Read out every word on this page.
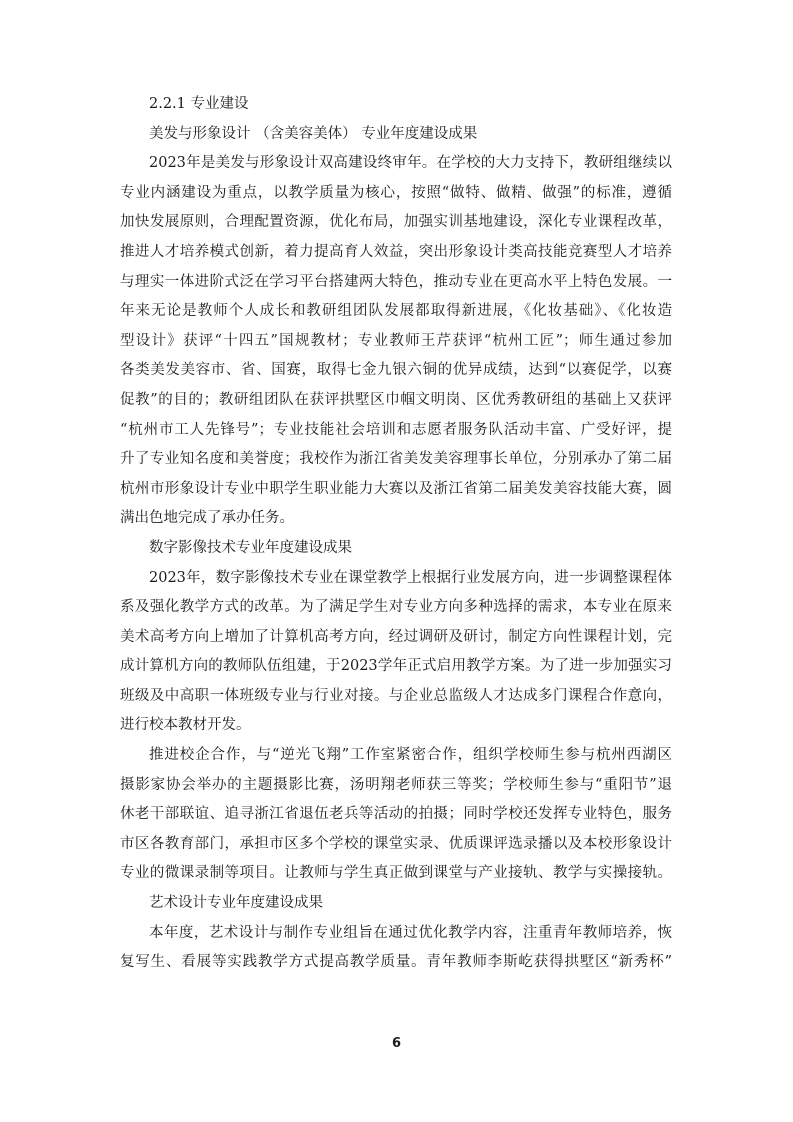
2.2.1 专业建设
美发与形象设计 （含美容美体） 专业年度建设成果
2023年是美发与形象设计双高建设终审年。在学校的大力支持下，教研组继续以
专业内涵建设为重点，以教学质量为核心，按照“做特、做精、做强”的标准，遵循
加快发展原则，合理配置资源，优化布局，加强实训基地建设，深化专业课程改革，
推进人才培养模式创新，着力提高育人效益，突出形象设计类高技能竞赛型人才培养
与理实一体进阶式泛在学习平台搭建两大特色，推动专业在更高水平上特色发展。一
年来无论是教师个人成长和教研组团队发展都取得新进展，《化妆基础》、《化妆造
型设计》获评“十四五”国规教材；专业教师王芹获评“杭州工匠”；师生通过参加
各类美发美容市、省、国赛，取得七金九银六铜的优异成绩，达到“以赛促学，以赛
促教”的目的；教研组团队在获评拱墅区巾帼文明岗、区优秀教研组的基础上又获评
“杭州市工人先锋号”；专业技能社会培训和志愿者服务队活动丰富、广受好评，提
升了专业知名度和美誉度；我校作为浙江省美发美容理事长单位，分别承办了第二届
杭州市形象设计专业中职学生职业能力大赛以及浙江省第二届美发美容技能大赛，圆
满出色地完成了承办任务。
数字影像技术专业年度建设成果
2023年，数字影像技术专业在课堂教学上根据行业发展方向，进一步调整课程体
系及强化教学方式的改革。为了满足学生对专业方向多种选择的需求，本专业在原来
美术高考方向上增加了计算机高考方向，经过调研及研讨，制定方向性课程计划，完
成计算机方向的教师队伍组建，于2023学年正式启用教学方案。为了进一步加强实习
班级及中高职一体班级专业与行业对接。与企业总监级人才达成多门课程合作意向，
进行校本教材开发。
推进校企合作，与“逆光飞翔”工作室紧密合作，组织学校师生参与杭州西湖区
摄影家协会举办的主题摄影比赛，汤明翔老师获三等奖；学校师生参与“重阳节”退
休老干部联谊、追寻浙江省退伍老兵等活动的拍摄；同时学校还发挥专业特色，服务
市区各教育部门，承担市区多个学校的课堂实录、优质课评选录播以及本校形象设计
专业的微课录制等项目。让教师与学生真正做到课堂与产业接轨、教学与实操接轨。
艺术设计专业年度建设成果
本年度，艺术设计与制作专业组旨在通过优化教学内容，注重青年教师培养，恢
复写生、看展等实践教学方式提高教学质量。青年教师李斯屹获得拱墅区“新秀杯”
6
